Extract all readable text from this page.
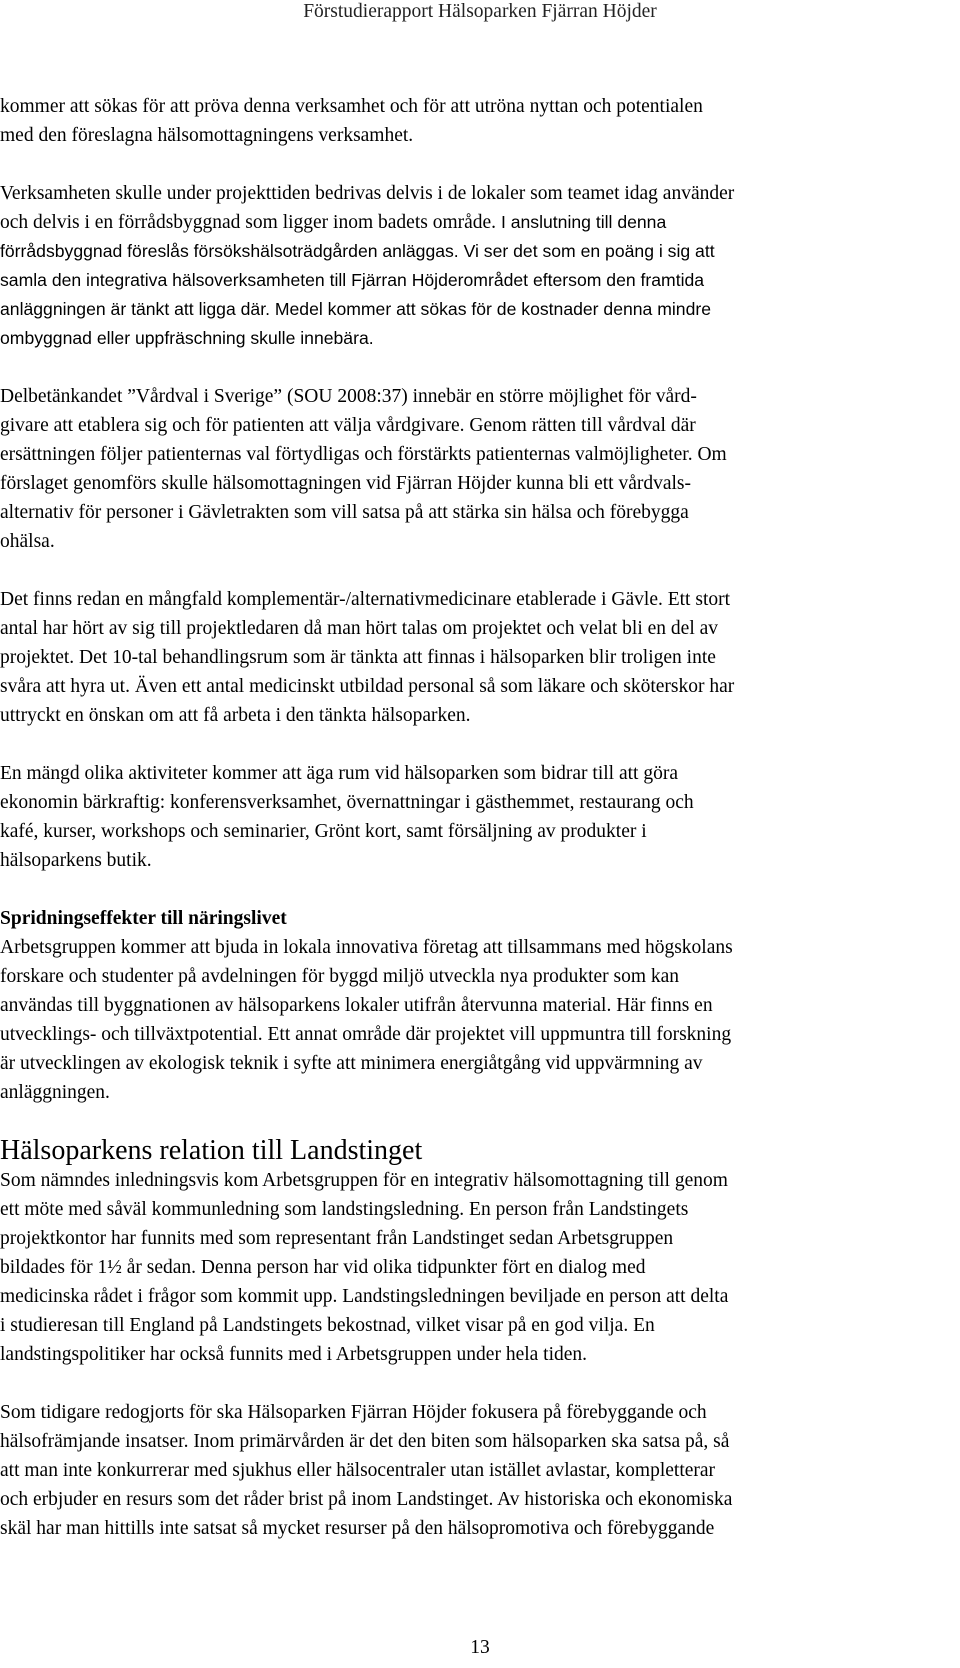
Förstudierapport Hälsoparken Fjärran Höjder

kommer att sökas för att pröva denna verksamhet och för att utröna nyttan och potentialen

med den föreslagna hälsomottagningens verksamhet.

Verksamheten skulle under projekttiden bedrivas delvis i de lokaler som teamet idag använder

och delvis i en förrådsbyggnad som ligger inom badets område. I anslutning till denna

förrådsbyggnad föreslås försökshälsoträdgården anläggas. Vi ser det som en poäng i sig att

samla den integrativa hälsoverksamheten till Fjärran Höjderområdet eftersom den framtida

anläggningen är tänkt att ligga där. Medel kommer att sökas för de kostnader denna mindre

ombyggnad eller uppfräschning skulle innebära.

Delbetänkandet ”Vårdval i Sverige” (SOU 2008:37) innebär en större möjlighet för vård-

givare att etablera sig och för patienten att välja vårdgivare. Genom rätten till vårdval där

ersättningen följer patienternas val förtydligas och förstärkts patienternas valmöjligheter. Om

förslaget genomförs skulle hälsomottagningen vid Fjärran Höjder kunna bli ett vårdvals-

alternativ för personer i Gävletrakten som vill satsa på att stärka sin hälsa och förebygga

ohälsa.

Det finns redan en mångfald komplementär-/alternativmedicinare etablerade i Gävle. Ett stort

antal har hört av sig till projektledaren då man hört talas om projektet och velat bli en del av

projektet. Det 10-tal behandlingsrum som är tänkta att finnas i hälsoparken blir troligen inte

svåra att hyra ut. Även ett antal medicinskt utbildad personal så som läkare och sköterskor har

uttryckt en önskan om att få arbeta i den tänkta hälsoparken.

En mängd olika aktiviteter kommer att äga rum vid hälsoparken som bidrar till att göra

ekonomin bärkraftig: konferensverksamhet, övernattningar i gästhemmet, restaurang och

kafé, kurser, workshops och seminarier, Grönt kort, samt försäljning av produkter i

hälsoparkens butik.

Spridningseffekter till näringslivet

Arbetsgruppen kommer att bjuda in lokala innovativa företag att tillsammans med högskolans

forskare och studenter på avdelningen för byggd miljö utveckla nya produkter som kan

användas till byggnationen av hälsoparkens lokaler utifrån återvunna material. Här finns en

utvecklings- och tillväxtpotential. Ett annat område där projektet vill uppmuntra till forskning

är utvecklingen av ekologisk teknik i syfte att minimera energiåtgång vid uppvärmning av

anläggningen.

Hälsoparkens relation till Landstinget

Som nämndes inledningsvis kom Arbetsgruppen för en integrativ hälsomottagning till genom

ett möte med såväl kommunledning som landstingsledning. En person från Landstingets

projektkontor har funnits med som representant från Landstinget sedan Arbetsgruppen

bildades för 1½ år sedan. Denna person har vid olika tidpunkter fört en dialog med

medicinska rådet i frågor som kommit upp. Landstingsledningen beviljade en person att delta

i studieresan till England på Landstingets bekostnad, vilket visar på en god vilja. En

landstingspolitiker har också funnits med i Arbetsgruppen under hela tiden.

Som tidigare redogjorts för ska Hälsoparken Fjärran Höjder fokusera på förebyggande och

hälsofrämjande insatser. Inom primärvården är det den biten som hälsoparken ska satsa på, så

att man inte konkurrerar med sjukhus eller hälsocentraler utan istället avlastar, kompletterar

och erbjuder en resurs som det råder brist på inom Landstinget. Av historiska och ekonomiska

skäl har man hittills inte satsat så mycket resurser på den hälsopromotiva och förebyggande

13
